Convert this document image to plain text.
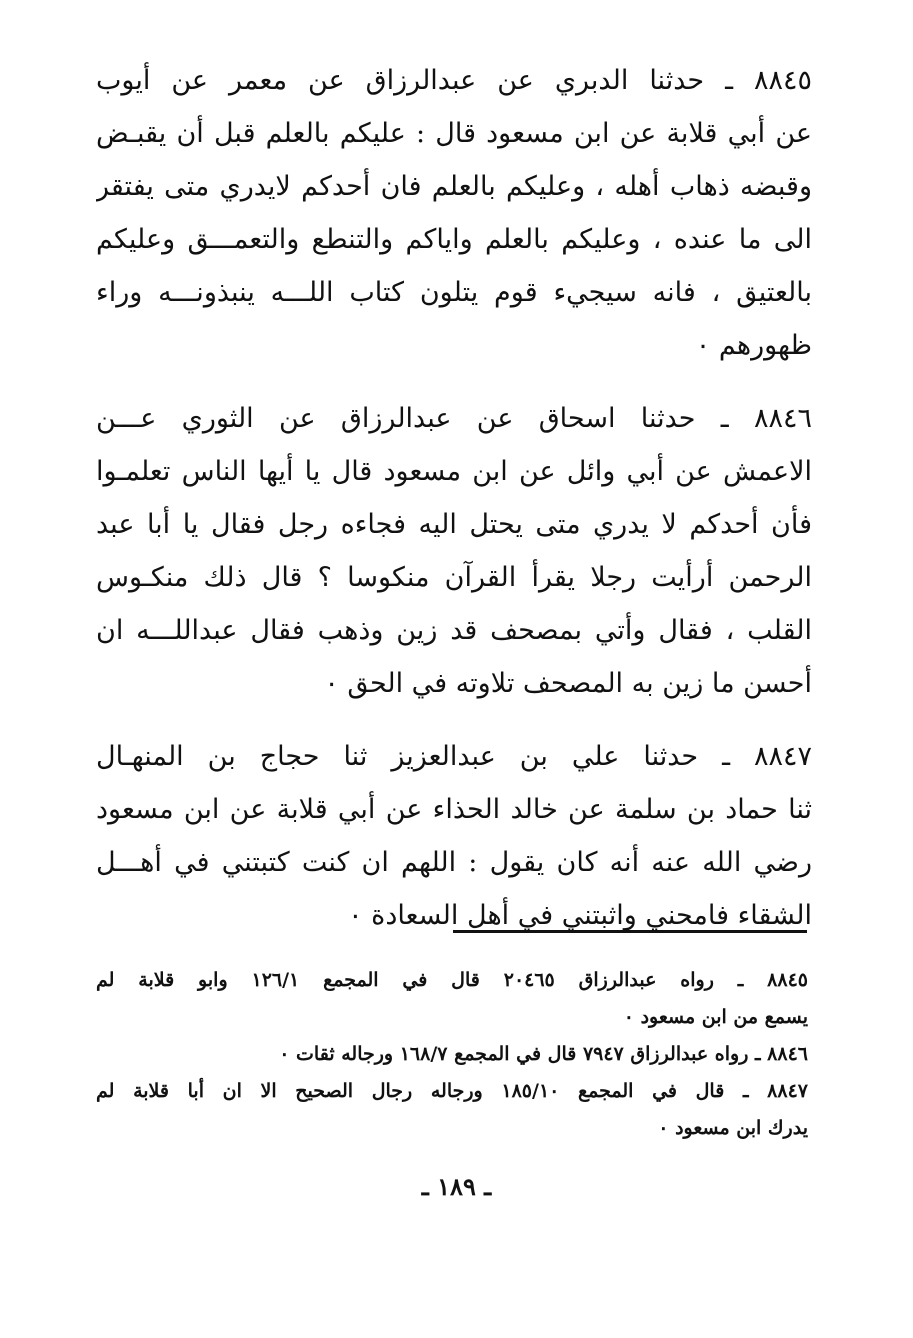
٨٨٤٥ ـ حدثنا الدبري عن عبدالرزاق عن معمر عن أيوب
عن أبي قلابة عن ابن مسعود قال : عليكم بالعلم قبل أن يقبـض
وقبضه ذهاب أهله ، وعليكم بالعلم فان أحدكم لايدري متى يفتقر
الى ما عنده ، وعليكم بالعلم واياكم والتنطع والتعمـــق وعليكم
بالعتيق ، فانه سيجيء قوم يتلون كتاب اللـــه ينبذونـــه وراء
ظهورهم ٠
٨٨٤٦ ـ حدثنا اسحاق عن عبدالرزاق عن الثوري عـــن
الاعمش عن أبي وائل عن ابن مسعود قال يا أيها الناس تعلمـوا
فأن أحدكم لا يدري متى يحتل اليه فجاءه رجل فقال يا أبا عبد
الرحمن أرأيت رجلا يقرأ القرآن منكوسا ؟ قال ذلك منكـوس
القلب ، فقال وأتي بمصحف قد زين وذهب فقال عبداللـــه ان
أحسن ما زين به المصحف تلاوته في الحق ٠
٨٨٤٧ ـ حدثنا علي بن عبدالعزيز ثنا حجاج بن المنهـال
ثنا حماد بن سلمة عن خالد الحذاء عن أبي قلابة عن ابن مسعود
رضي الله عنه أنه كان يقول : اللهم ان كنت كتبتني في أهـــل
الشقاء فامحني واثبتني في أهل السعادة ٠
٨٨٤٥ ـ رواه عبدالرزاق ٢٠٤٦٥ قال في المجمع ١٢٦/١ وابو قلابة لم
يسمع من ابن مسعود ٠
٨٨٤٦ ـ رواه عبدالرزاق ٧٩٤٧ قال في المجمع ١٦٨/٧ ورجاله ثقات ٠
٨٨٤٧ ـ قال في المجمع ١٨٥/١٠ ورجاله رجال الصحيح الا ان أبا قلابة لم
يدرك ابن مسعود ٠
ـ ١٨٩ ـ
